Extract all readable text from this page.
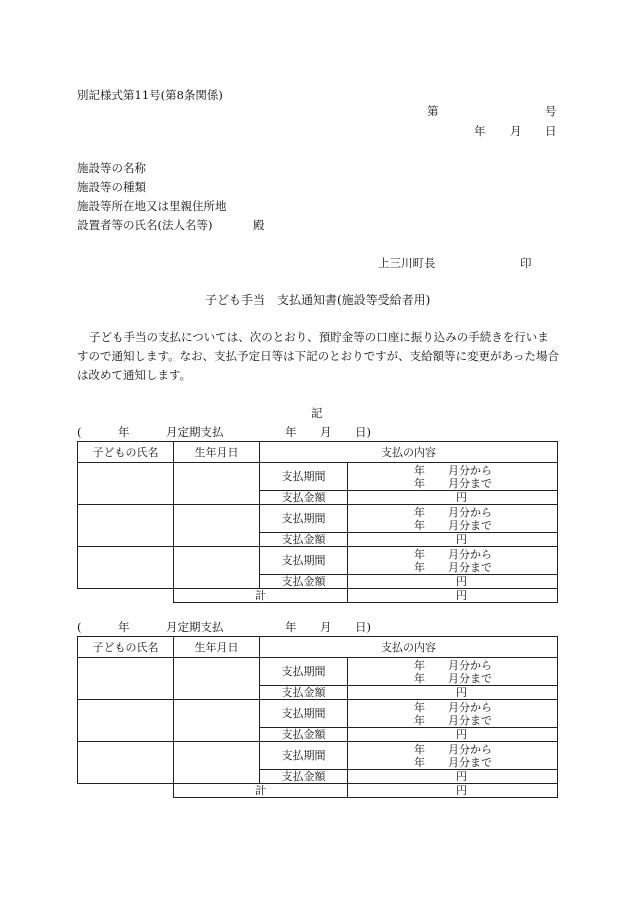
別記様式第11号(第8条関係)
第	号
年 月 日
施設等の名称
施設等の種類
施設等所在地又は里親住所地
設置者等の氏名(法人名等)	殿
上三川町長	印
子ども手当　支払通知書(施設等受給者用)

子ども手当の支払については、次のとおり、預貯金等の口座に振り込みの手続きを行いますので通知します。なお、支払予定日等は下記のとおりですが、支給額等に変更があった場合は改めて通知します。

記
(	年	月定期支払	年 月 日)
子どもの氏名	生年月日	支払の内容	
		支払期間	年 月分から
年 月分まで

		支払金額	円

		支払期間	年 月分から
年 月分まで

		支払金額	円

		支払期間	年 月分から
年 月分まで

		支払金額	円

	計		円
(	年	月定期支払	年 月 日)
子どもの氏名	生年月日	支払の内容	
		支払期間	年 月分から
年 月分まで

		支払金額	円

		支払期間	年 月分から
年 月分まで

		支払金額	円

		支払期間	年 月分から
年 月分まで

		支払金額	円

	計		円
